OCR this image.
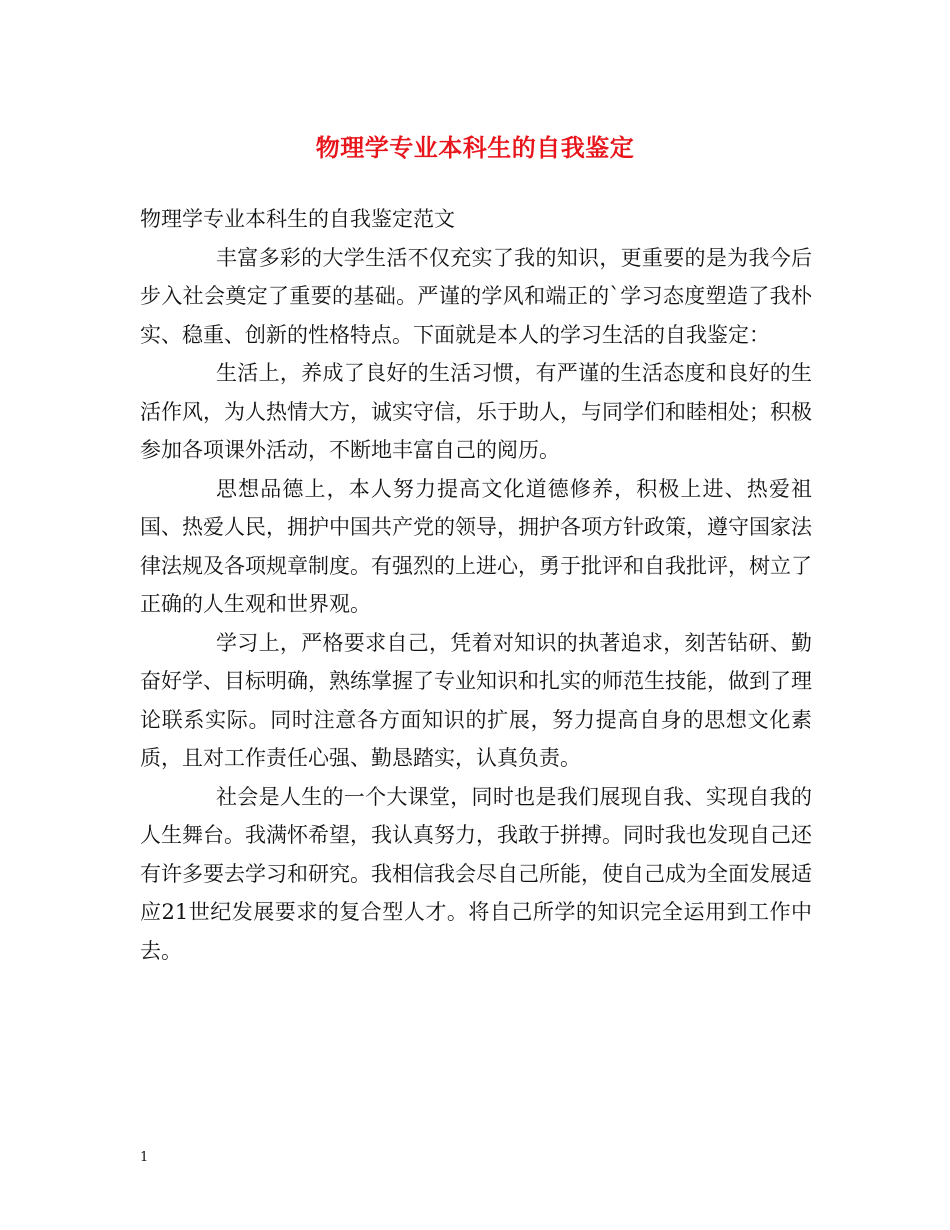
物理学专业本科生的自我鉴定

物理学专业本科生的自我鉴定范文

丰富多彩的大学生活不仅充实了我的知识，更重要的是为我今后步入社会奠定了重要的基础。严谨的学风和端正的`学习态度塑造了我朴实、稳重、创新的性格特点。下面就是本人的学习生活的自我鉴定：

生活上，养成了良好的生活习惯，有严谨的生活态度和良好的生活作风，为人热情大方，诚实守信，乐于助人，与同学们和睦相处；积极参加各项课外活动，不断地丰富自己的阅历。

思想品德上，本人努力提高文化道德修养，积极上进、热爱祖国、热爱人民，拥护中国共产党的领导，拥护各项方针政策，遵守国家法律法规及各项规章制度。有强烈的上进心，勇于批评和自我批评，树立了正确的人生观和世界观。

学习上，严格要求自己，凭着对知识的执著追求，刻苦钻研、勤奋好学、目标明确，熟练掌握了专业知识和扎实的师范生技能，做到了理论联系实际。同时注意各方面知识的扩展，努力提高自身的思想文化素质，且对工作责任心强、勤恳踏实，认真负责。

社会是人生的一个大课堂，同时也是我们展现自我、实现自我的人生舞台。我满怀希望，我认真努力，我敢于拼搏。同时我也发现自己还有许多要去学习和研究。我相信我会尽自己所能，使自己成为全面发展适应21世纪发展要求的复合型人才。将自己所学的知识完全运用到工作中去。

1
